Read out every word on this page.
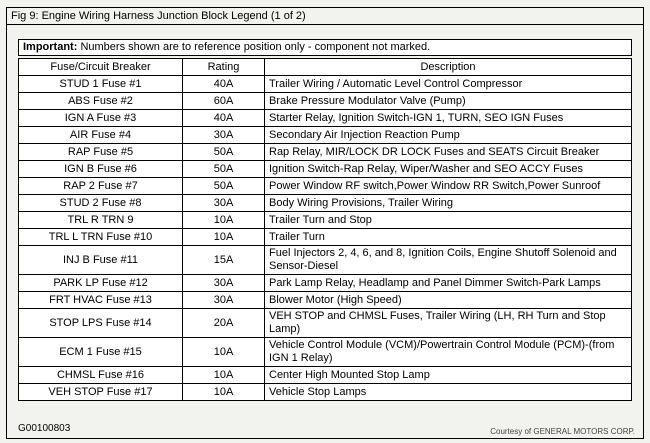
Fig 9: Engine Wiring Harness Junction Block Legend (1 of 2)
Important: Numbers shown are to reference position only - component not marked.
Fuse/Circuit Breaker	Rating	Description
STUD 1 Fuse #1	40A	Trailer Wiring / Automatic Level Control Compressor
ABS Fuse #2	60A	Brake Pressure Modulator Valve (Pump)
IGN A Fuse #3	40A	Starter Relay, Ignition Switch-IGN 1, TURN, SEO IGN Fuses
AIR Fuse #4	30A	Secondary Air Injection Reaction Pump
RAP Fuse #5	50A	Rap Relay, MIR/LOCK DR LOCK Fuses and SEATS Circuit Breaker
IGN B Fuse #6	50A	Ignition Switch-Rap Relay, Wiper/Washer and SEO ACCY Fuses
RAP 2 Fuse #7	50A	Power Window RF switch,Power Window RR Switch,Power Sunroof
STUD 2 Fuse #8	30A	Body Wiring Provisions, Trailer Wiring
TRL R TRN 9	10A	Trailer Turn and Stop
TRL L TRN Fuse #10	10A	Trailer Turn
INJ B Fuse #11	15A	Fuel Injectors 2, 4, 6, and 8, Ignition Coils, Engine Shutoff Solenoid and Sensor-Diesel
PARK LP Fuse #12	30A	Park Lamp Relay, Headlamp and Panel Dimmer Switch-Park Lamps
FRT HVAC Fuse #13	30A	Blower Motor (High Speed)
STOP LPS Fuse #14	20A	VEH STOP and CHMSL Fuses, Trailer Wiring (LH, RH Turn and Stop Lamp)
ECM 1 Fuse #15	10A	Vehicle Control Module (VCM)/Powertrain Control Module (PCM)-(from IGN 1 Relay)
CHMSL Fuse #16	10A	Center High Mounted Stop Lamp
VEH STOP Fuse #17	10A	Vehicle Stop Lamps
G00100803	Courtesy of GENERAL MOTORS CORP.
